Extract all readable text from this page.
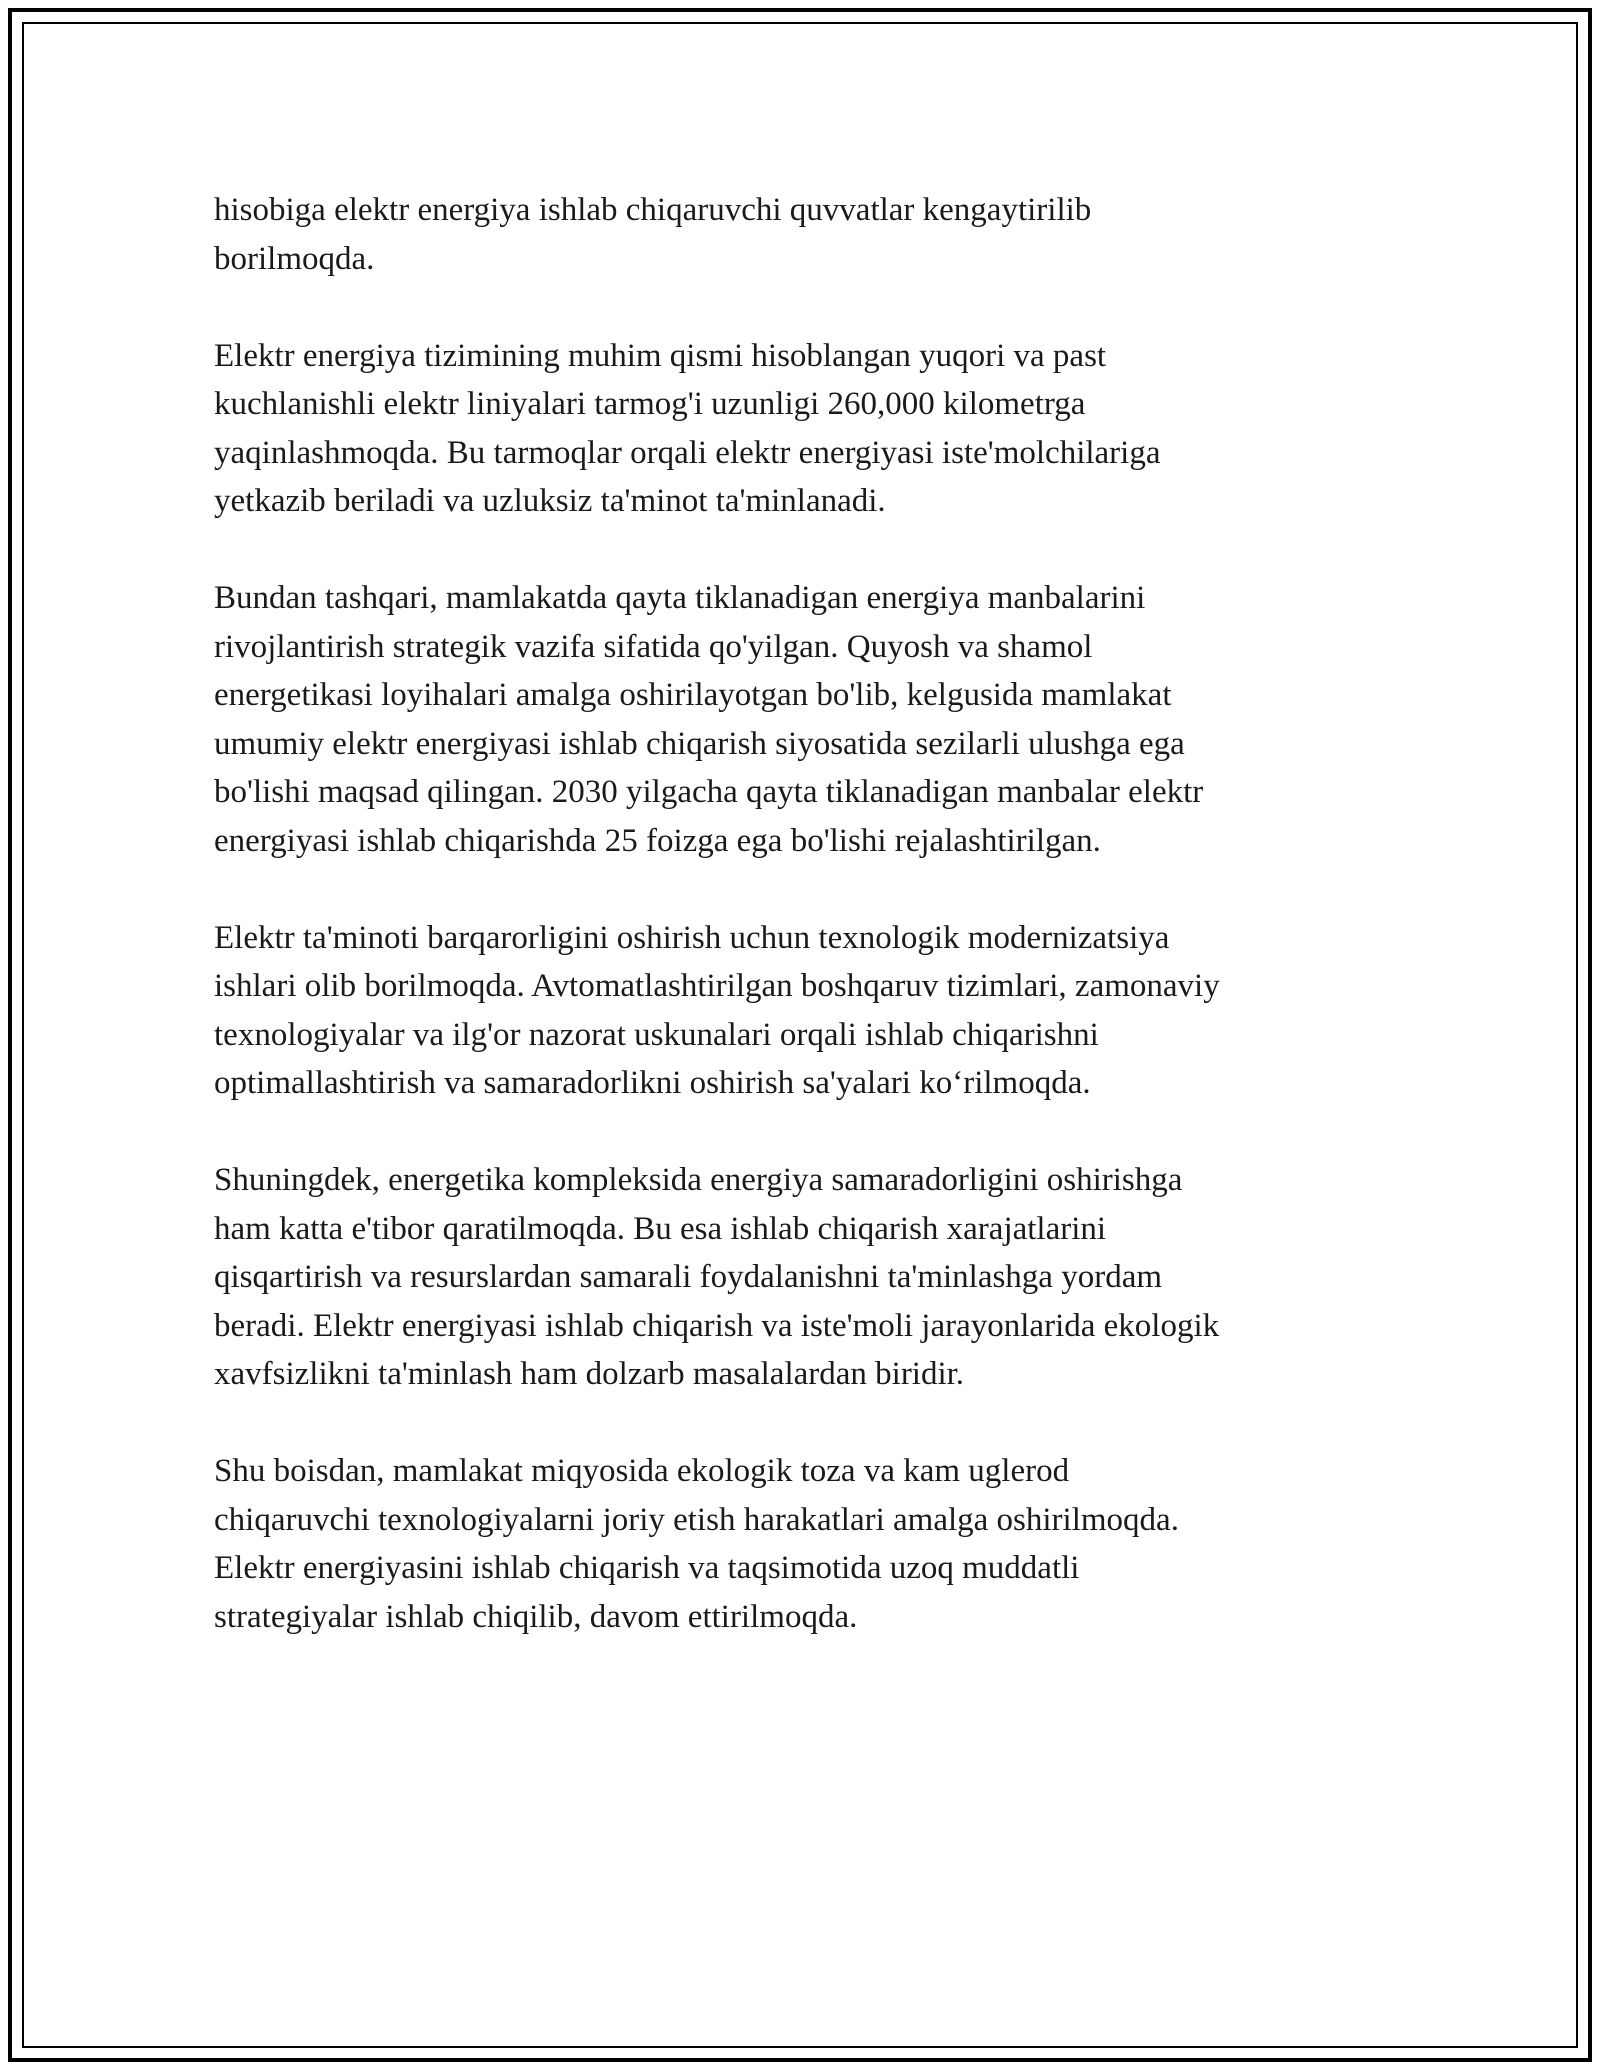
hisobiga elektr energiya ishlab chiqaruvchi quvvatlar kengaytirilib
borilmoqda.

Elektr energiya tizimining muhim qismi hisoblangan yuqori va past
kuchlanishli elektr liniyalari tarmog'i uzunligi 260,000 kilometrga
yaqinlashmoqda. Bu tarmoqlar orqali elektr energiyasi iste'molchilariga
yetkazib beriladi va uzluksiz ta'minot ta'minlanadi.

Bundan tashqari, mamlakatda qayta tiklanadigan energiya manbalarini
rivojlantirish strategik vazifa sifatida qo'yilgan. Quyosh va shamol
energetikasi loyihalari amalga oshirilayotgan bo'lib, kelgusida mamlakat
umumiy elektr energiyasi ishlab chiqarish siyosatida sezilarli ulushga ega
bo'lishi maqsad qilingan. 2030 yilgacha qayta tiklanadigan manbalar elektr
energiyasi ishlab chiqarishda 25 foizga ega bo'lishi rejalashtirilgan.

Elektr ta'minoti barqarorligini oshirish uchun texnologik modernizatsiya
ishlari olib borilmoqda. Avtomatlashtirilgan boshqaruv tizimlari, zamonaviy
texnologiyalar va ilg'or nazorat uskunalari orqali ishlab chiqarishni
optimallashtirish va samaradorlikni oshirish sa'yalari ko‘rilmoqda.

Shuningdek, energetika kompleksida energiya samaradorligini oshirishga
ham katta e'tibor qaratilmoqda. Bu esa ishlab chiqarish xarajatlarini
qisqartirish va resurslardan samarali foydalanishni ta'minlashga yordam
beradi. Elektr energiyasi ishlab chiqarish va iste'moli jarayonlarida ekologik
xavfsizlikni ta'minlash ham dolzarb masalalardan biridir.

Shu boisdan, mamlakat miqyosida ekologik toza va kam uglerod
chiqaruvchi texnologiyalarni joriy etish harakatlari amalga oshirilmoqda.
Elektr energiyasini ishlab chiqarish va taqsimotida uzoq muddatli
strategiyalar ishlab chiqilib, davom ettirilmoqda.
